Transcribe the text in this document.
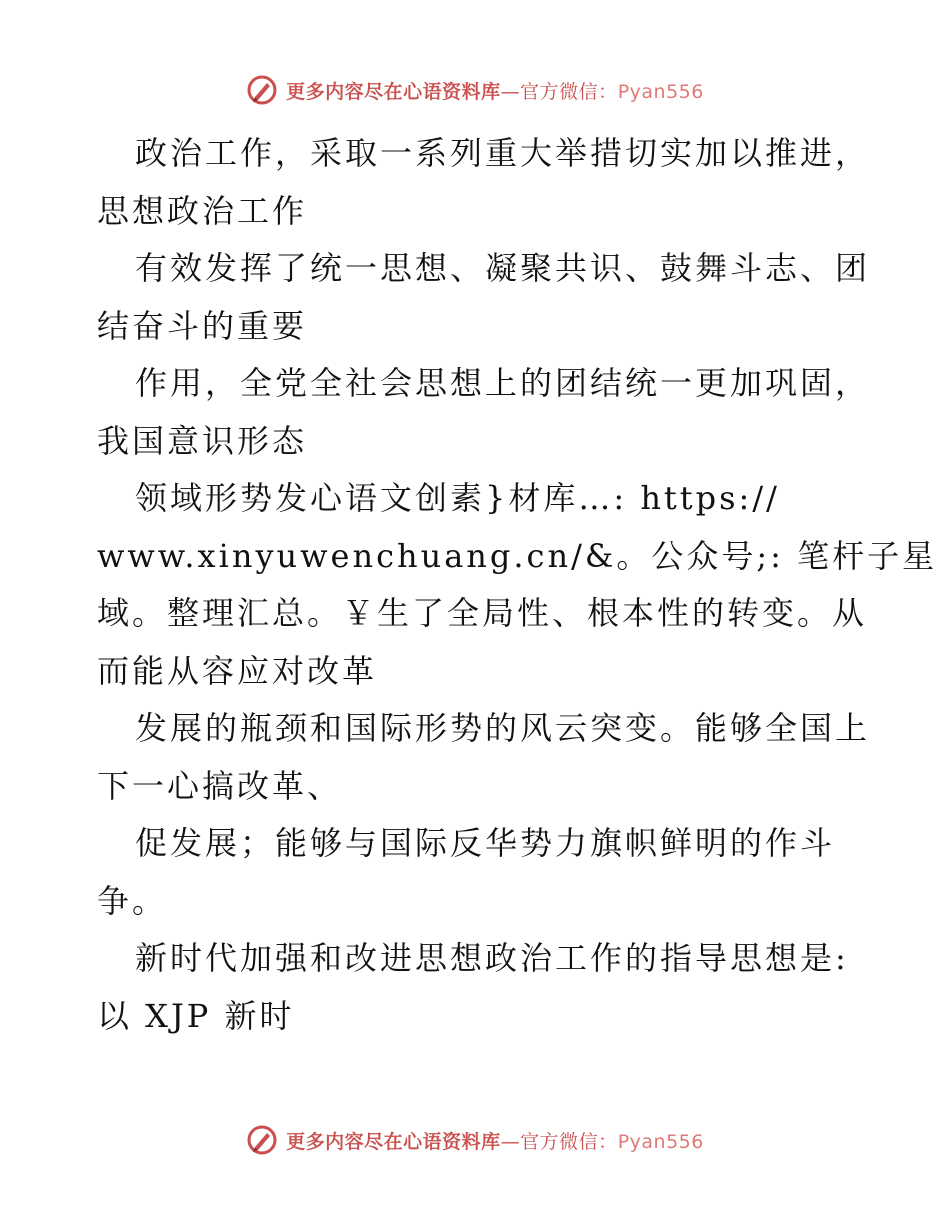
更多内容尽在心语资料库—官方微信：Pyan556
政治工作，采取一系列重大举措切实加以推进，
思想政治工作
有效发挥了统一思想、凝聚共识、鼓舞斗志、团
结奋斗的重要
作用，全党全社会思想上的团结统一更加巩固，
我国意识形态
领域形势发心语文创素}材库…: https://
www.xinyuwenchuang.cn/&。公众号;: 笔杆子星
域。整理汇总。￥生了全局性、根本性的转变。从
而能从容应对改革
发展的瓶颈和国际形势的风云突变。能够全国上
下一心搞改革、
促发展；能够与国际反华势力旗帜鲜明的作斗
争。
新时代加强和改进思想政治工作的指导思想是:
以 XJP 新时
更多内容尽在心语资料库—官方微信：Pyan556
